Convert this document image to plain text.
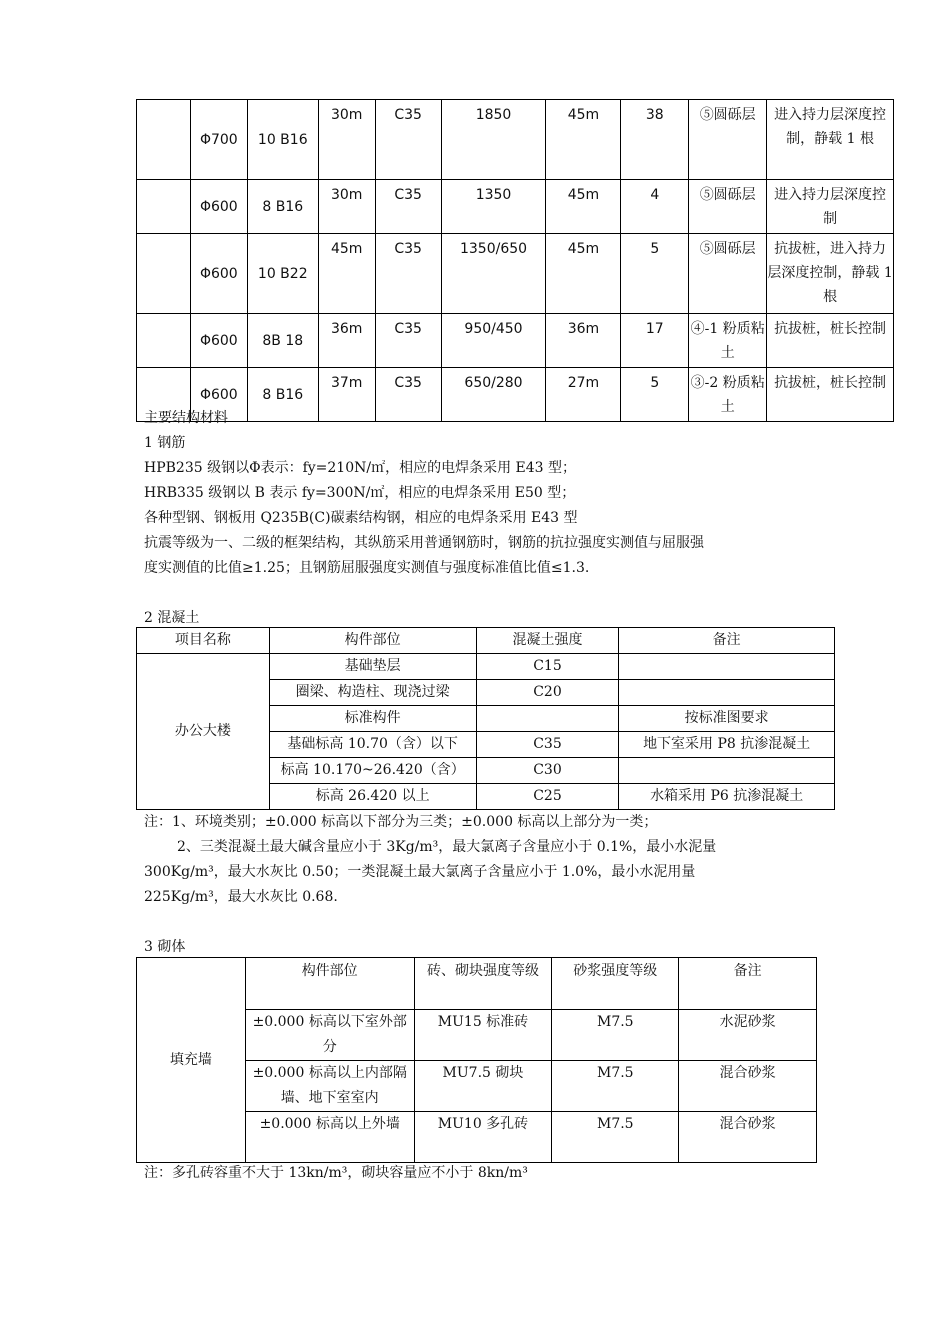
	Φ700	10 B16	30m	C35	1850	45m	38	⑤圆砾层	进入持力层深度控制，静载 1 根
	Φ600	8 B16	30m	C35	1350	45m	4	⑤圆砾层	进入持力层深度控制
	Φ600	10 B22	45m	C35	1350/650	45m	5	⑤圆砾层	抗拔桩，进入持力层深度控制，静载 1 根
	Φ600	8B 18	36m	C35	950/450	36m	17	④-1 粉质粘土	抗拔桩，桩长控制
	Φ600	8 B16	37m	C35	650/280	27m	5	③-2 粉质粘土	抗拔桩，桩长控制
主要结构材料
1 钢筋
HPB235 级钢以Φ表示：fy=210N/㎡，相应的电焊条采用 E43 型；
HRB335 级钢以 B 表示 fy=300N/㎡，相应的电焊条采用 E50 型；
各种型钢、钢板用 Q235B(C)碳素结构钢，相应的电焊条采用 E43 型
抗震等级为一、二级的框架结构，其纵筋采用普通钢筋时，钢筋的抗拉强度实测值与屈服强
度实测值的比值≥1.25；且钢筋屈服强度实测值与强度标准值比值≤1.3.
2 混凝土
项目名称	构件部位	混凝土强度	备注
办公大楼	基础垫层	C15	
	圈梁、构造柱、现浇过梁	C20	
	标准构件		按标准图要求
	基础标高 10.70（含）以下	C35	地下室采用 P8 抗渗混凝土
	标高 10.170~26.420（含）	C30	
	标高 26.420 以上	C25	水箱采用 P6 抗渗混凝土
注：1、环境类别；±0.000 标高以下部分为三类；±0.000 标高以上部分为一类；
2、三类混凝土最大碱含量应小于 3Kg/m³，最大氯离子含量应小于 0.1%，最小水泥量
300Kg/m³，最大水灰比 0.50；一类混凝土最大氯离子含量应小于 1.0%，最小水泥用量
225Kg/m³，最大水灰比 0.68.
3 砌体
填充墙	构件部位	砖、砌块强度等级	砂浆强度等级	备注
	±0.000 标高以下室外部分	MU15 标准砖	M7.5	水泥砂浆
	±0.000 标高以上内部隔墙、地下室室内	MU7.5 砌块	M7.5	混合砂浆
	±0.000 标高以上外墙	MU10 多孔砖	M7.5	混合砂浆
注：多孔砖容重不大于 13kn/m³，砌块容量应不小于 8kn/m³
